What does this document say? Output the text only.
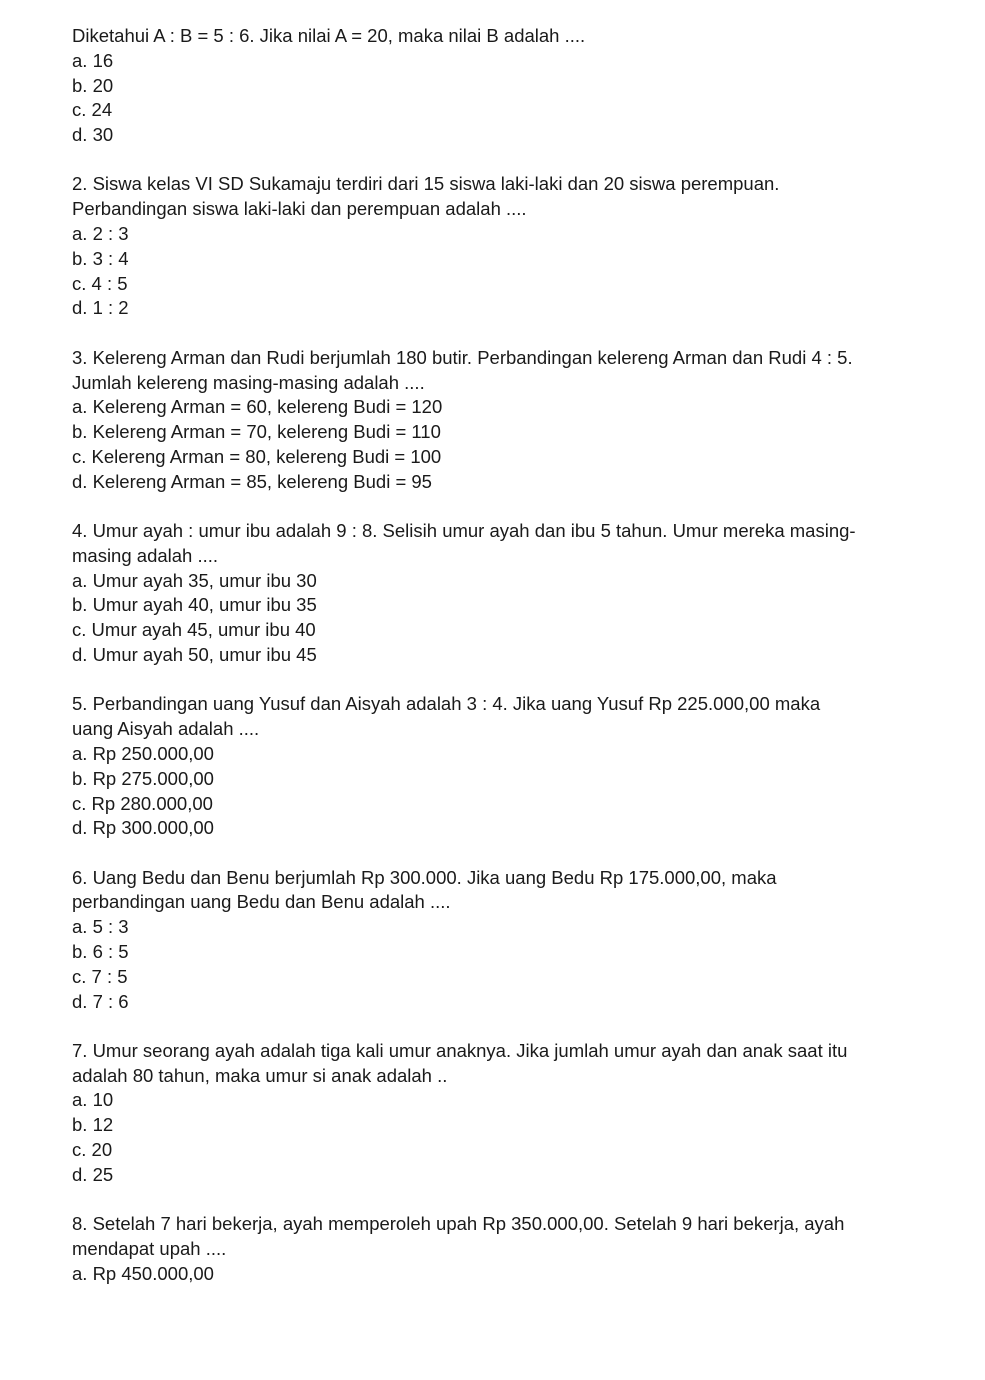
Diketahui A : B = 5 : 6. Jika nilai A = 20, maka nilai B adalah ....

a. 16

b. 20

c. 24

d. 30

2. Siswa kelas VI SD Sukamaju terdiri dari 15 siswa laki-laki dan 20 siswa perempuan.

Perbandingan siswa laki-laki dan perempuan adalah ....

a. 2 : 3

b. 3 : 4

c. 4 : 5

d. 1 : 2

3. Kelereng Arman dan Rudi berjumlah 180 butir. Perbandingan kelereng Arman dan Rudi 4 : 5.

Jumlah kelereng masing-masing adalah ....

a. Kelereng Arman = 60, kelereng Budi = 120

b. Kelereng Arman = 70, kelereng Budi = 110

c. Kelereng Arman = 80, kelereng Budi = 100

d. Kelereng Arman = 85, kelereng Budi = 95

4. Umur ayah : umur ibu adalah 9 : 8. Selisih umur ayah dan ibu 5 tahun. Umur mereka masing-

masing adalah ....

a. Umur ayah 35, umur ibu 30

b. Umur ayah 40, umur ibu 35

c. Umur ayah 45, umur ibu 40

d. Umur ayah 50, umur ibu 45

5. Perbandingan uang Yusuf dan Aisyah adalah 3 : 4. Jika uang Yusuf Rp 225.000,00 maka

uang Aisyah adalah ....

a. Rp 250.000,00

b. Rp 275.000,00

c. Rp 280.000,00

d. Rp 300.000,00

6. Uang Bedu dan Benu berjumlah Rp 300.000. Jika uang Bedu Rp 175.000,00, maka

perbandingan uang Bedu dan Benu adalah ....

a. 5 : 3

b. 6 : 5

c. 7 : 5

d. 7 : 6

7. Umur seorang ayah adalah tiga kali umur anaknya. Jika jumlah umur ayah dan anak saat itu

adalah 80 tahun, maka umur si anak adalah ..

a. 10

b. 12

c. 20

d. 25

8. Setelah 7 hari bekerja, ayah memperoleh upah Rp 350.000,00. Setelah 9 hari bekerja, ayah

mendapat upah ....

a. Rp 450.000,00
